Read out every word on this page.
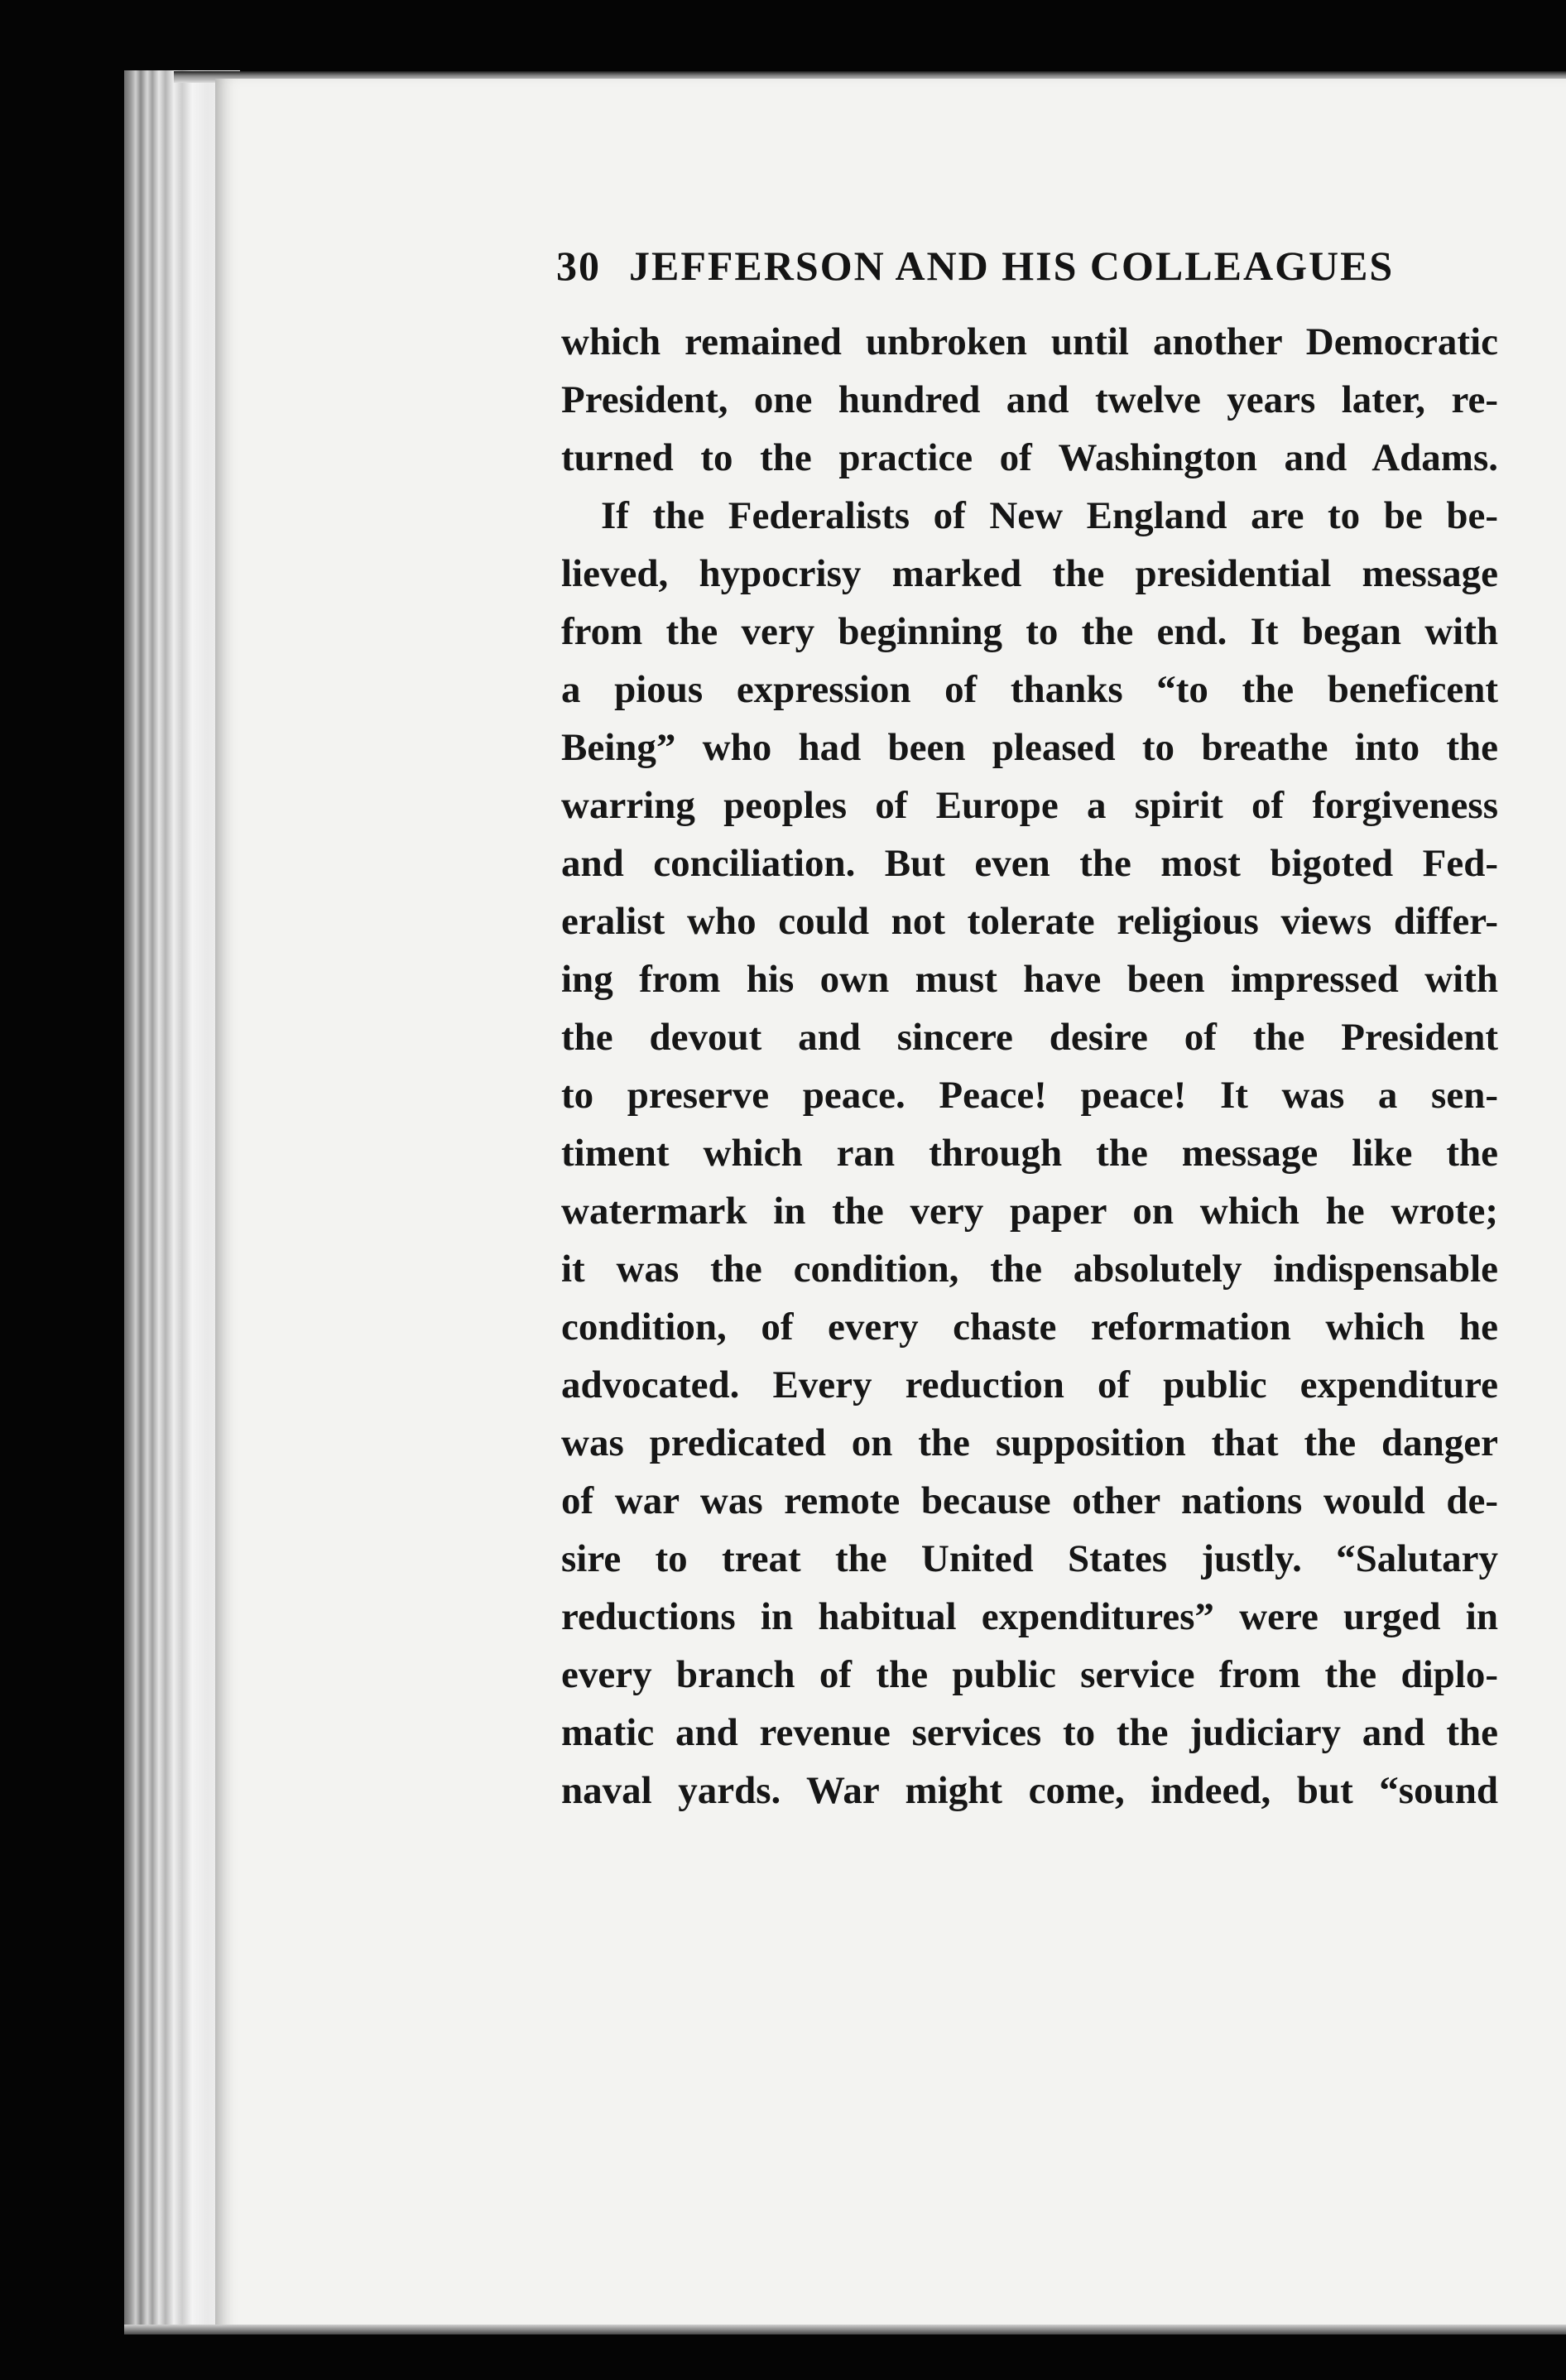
30 JEFFERSON AND HIS COLLEAGUES
which remained unbroken until another Democratic
President, one hundred and twelve years later, re-
turned to the practice of Washington and Adams.
If the Federalists of New England are to be be-
lieved, hypocrisy marked the presidential message
from the very beginning to the end. It began with
a pious expression of thanks “to the beneficent
Being” who had been pleased to breathe into the
warring peoples of Europe a spirit of forgiveness
and conciliation. But even the most bigoted Fed-
eralist who could not tolerate religious views differ-
ing from his own must have been impressed with
the devout and sincere desire of the President
to preserve peace. Peace! peace! It was a sen-
timent which ran through the message like the
watermark in the very paper on which he wrote;
it was the condition, the absolutely indispensable
condition, of every chaste reformation which he
advocated. Every reduction of public expenditure
was predicated on the supposition that the danger
of war was remote because other nations would de-
sire to treat the United States justly. “Salutary
reductions in habitual expenditures” were urged in
every branch of the public service from the diplo-
matic and revenue services to the judiciary and the
naval yards. War might come, indeed, but “sound
